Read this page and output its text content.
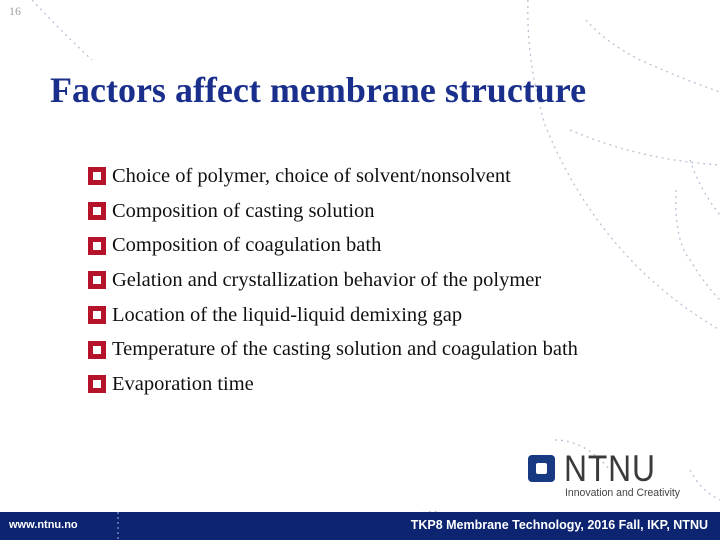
16
Factors affect membrane structure
Choice of polymer, choice of solvent/nonsolvent
Composition of casting solution
Composition of coagulation bath
Gelation and crystallization behavior of the polymer
Location of the liquid-liquid demixing gap
Temperature of the casting solution and coagulation bath
Evaporation time
NTNU
Innovation and Creativity
www.ntnu.no	TKP8 Membrane Technology, 2016 Fall, IKP, NTNU
